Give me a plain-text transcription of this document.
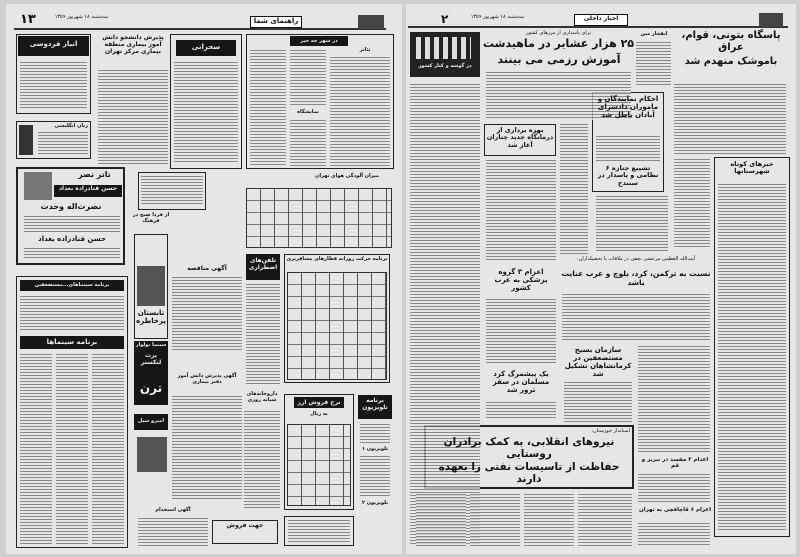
۱۳	سه‌شنبه ۱۸ شهریور ۱۳۵۹	راهنمای شما
انبار فردوسی
زبان انگلیسی
تاتر نصر
حسن قنادزاده بغداد
نصرت‌اله وحدت
حسن قنادزاده بغداد
برنامه سینماهای...مستضعفین
برنامه سینماها
پذیرش دانشجو دانش آموز بیماری منطقه بیماری مرکز تهران
از فردا صبح در فرهنگ
تابستان پرخاطره
سینما بولوار
برت لنکستر
ترن
امیرو سیل
سحرانی
آگهی مناقصه
آگهی پذیرش دانش آموز دفتر بیماری
آگهی استخدام
جهت فروش
در شهر چه خبر
تئاتر
نمایشگاه
میزان آلودگی هوای تهران
تلفن‌های اضطراری
برنامه حرکت روزانه قطارهای مسافربری
داروخانه‌های شبانه روزی	نرخ فروش ارز
به ریال
برنامه تلویزیون
تلویزیون ۱
تلویزیون ۲
۲	سه‌شنبه ۱۸ شهریور ۱۳۵۹	اخبار داخلی
در گوشه و کنار کشور
برای پاسداری از مرزهای کشور
۲۵ هزار عشایر در ماهیدشت
آموزش رزمی می بینند
انفجار مین	پاسگاه بتونی، قوام، عراق
باموشک منهدم شد
احکام نمایندگان و ماموران دادسرای آبادان باطل شد
تشییع جنازه ۶ نظامی و پاسدار در سنندج
بهره برداری از درمانگاه جدید چناران آغاز شد
خبرهای کوتاه شهرستانها
اعزام ۳ گروه پزشکی به غرب کشور
آیت‌الله العظمی مرعشی نجفی در ملاقات با تحصیلداران:
نسبت به ترکمن، کرد، بلوچ و عرب عنایت باشد
سازمان بسیج مستضعفین در کرمانشاهان تشکیل شد
یک پیشمرگ کرد مسلمان در سقز ترور شد
استاندار خوزستان:
نیروهای انقلابی، به کمک برادران روستایی
حفاظت از تاسیسات نفتی را بعهده دارند
اعدام ۲ مفسد در تبریز و قم
اعزام ۶ قاچاقچی به تهران
